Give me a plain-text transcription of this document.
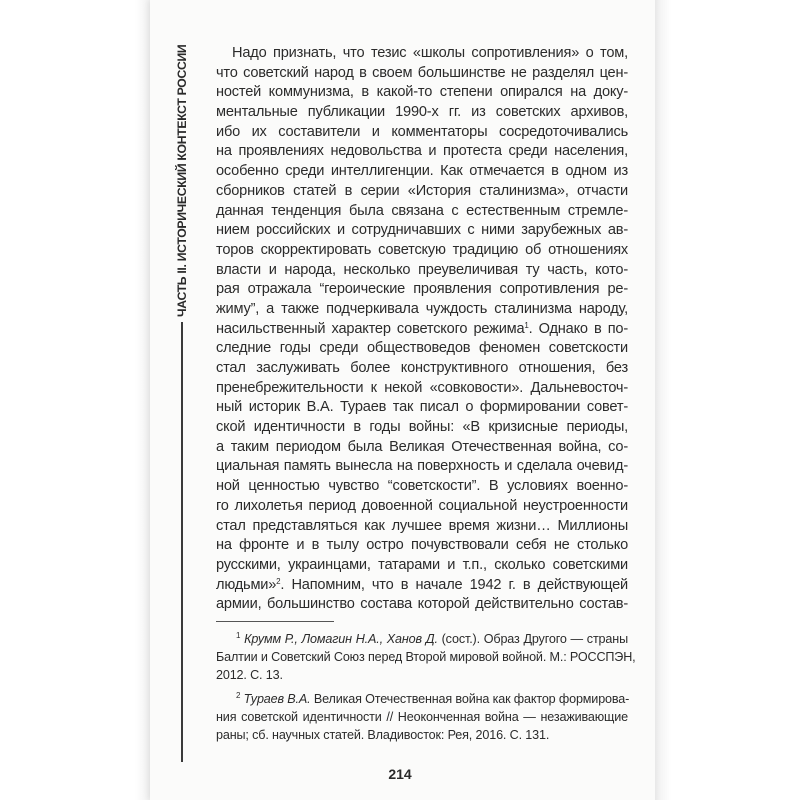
ЧАСТЬ II. ИСТОРИЧЕСКИЙ КОНТЕКСТ РОССИИ	Надо признать, что тезис «школы сопротивления» о том,
что советский народ в своем большинстве не разделял цен-
ностей коммунизма, в какой-то степени опирался на доку-
ментальные публикации 1990-х гг. из советских архивов,
ибо их составители и комментаторы сосредоточивались
на проявлениях недовольства и протеста среди населения,
особенно среди интеллигенции. Как отмечается в одном из
сборников статей в серии «История сталинизма», отчасти
данная тенденция была связана с естественным стремле-
нием российских и сотрудничавших с ними зарубежных ав-
торов скорректировать советскую традицию об отношениях
власти и народа, несколько преувеличивая ту часть, кото-
рая отражала “героические проявления сопротивления ре-
жиму”, а также подчеркивала чуждость сталинизма народу,
насильственный характер советского режима$^1$. Однако в по-
следние годы среди обществоведов феномен советскости
стал заслуживать более конструктивного отношения, без
пренебрежительности к некой «совковости». Дальневосточ-
ный историк В.А. Тураев так писал о формировании совет-
ской идентичности в годы войны: «В кризисные периоды,
а таким периодом была Великая Отечественная война, со-
циальная память вынесла на поверхность и сделала очевид-
ной ценностью чувство “советскости”. В условиях военно-
го лихолетья период довоенной социальной неустроенности
стал представляться как лучшее время жизни… Миллионы
на фронте и в тылу остро почувствовали себя не столько
русскими, украинцами, татарами и т.п., сколько советскими
людьми»$^2$. Напомним, что в начале 1942 г. в действующей
армии, большинство состава которой действительно состав-
$^1$ Крумм Р., Ломагин Н.А., Ханов Д. (сост.). Образ Другого — страны
Балтии и Советский Союз перед Второй мировой войной. М.: РОССПЭН,
2012. С. 13.
$^2$ Тураев В.А. Великая Отечественная война как фактор формирова-
ния советской идентичности // Неоконченная война — незаживающие
раны; сб. научных статей. Владивосток: Рея, 2016. С. 131.
214
